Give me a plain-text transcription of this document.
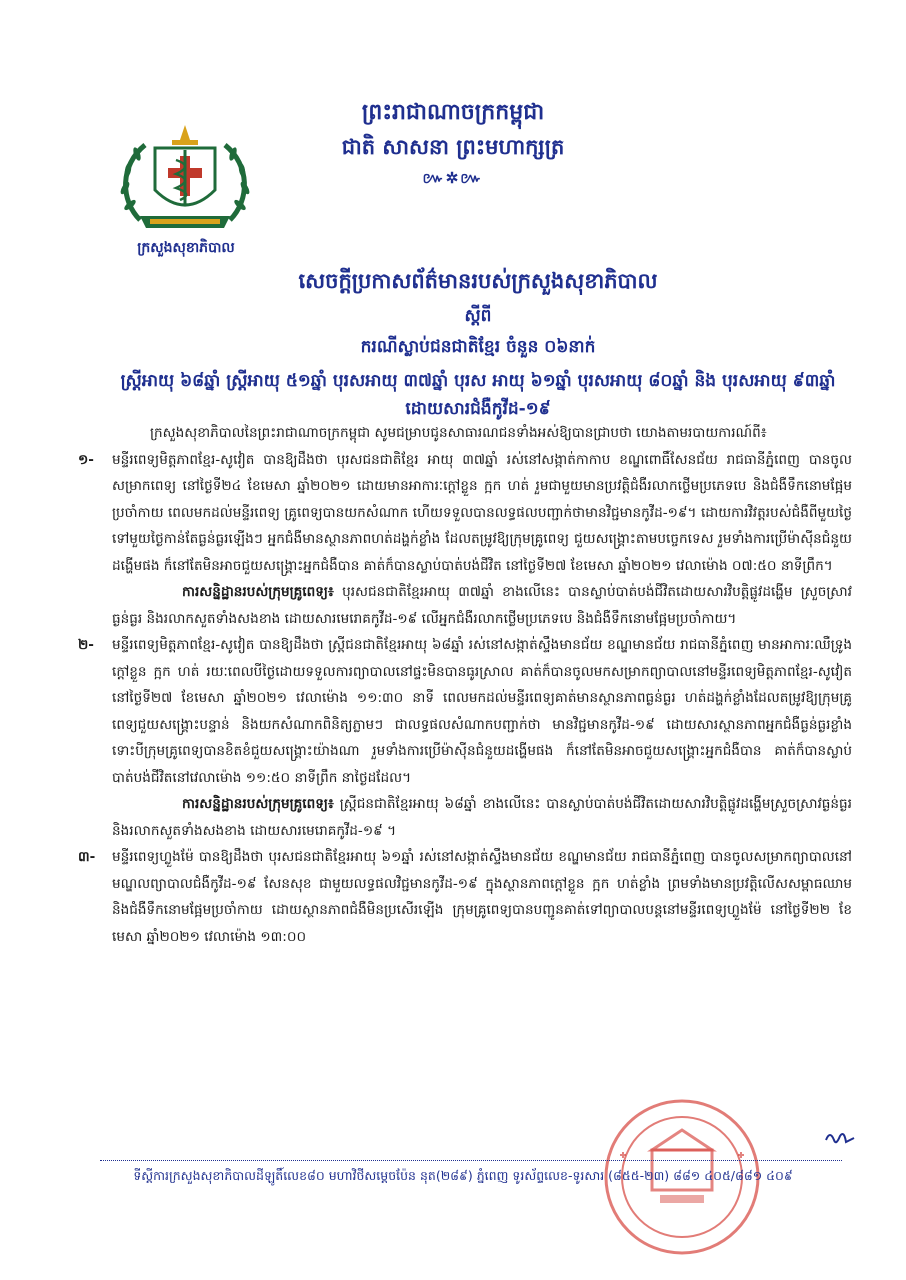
ក្រសួងសុខាភិបាល
ព្រះរាជាណាចក្រកម្ពុជា
ជាតិ សាសនា ព្រះមហាក្សត្រ
៚✲៚
សេចក្តីប្រកាសព័ត៌មានរបស់ក្រសួងសុខាភិបាល
ស្តីពី
ករណីស្លាប់ជនជាតិខ្មែរ ចំនួន ០៦នាក់
ស្ត្រីអាយុ ៦៨ឆ្នាំ ស្ត្រីអាយុ ៥១ឆ្នាំ បុរសអាយុ ៣៧ឆ្នាំ បុរស អាយុ ៦១ឆ្នាំ បុរសអាយុ ៨០ឆ្នាំ និង បុរសអាយុ ៩៣ឆ្នាំ ដោយសារជំងឺកូវីដ-១៩

ក្រសួងសុខាភិបាលនៃព្រះរាជាណាចក្រកម្ពុជា សូមជម្រាបជូនសាធារណជនទាំងអស់ឱ្យបានជ្រាបថា យោងតាមរបាយការណ៍ពី៖

១- មន្ទីរពេទ្យមិត្តភាពខ្មែរ-សូវៀត បានឱ្យដឹងថា បុរសជនជាតិខ្មែរ អាយុ ៣៧ឆ្នាំ រស់នៅសង្កាត់កាកាប ខណ្ឌពោធិ៍សែនជ័យ រាជធានីភ្នំពេញ បានចូលសម្រាកពេទ្យ នៅថ្ងៃទី២៤ ខែមេសា ឆ្នាំ២០២១ ដោយមានអាការៈក្តៅខ្លួន ក្អក ហត់ រួមជាមួយមានប្រវត្តិជំងឺរលាកថ្លើមប្រភេទបេ និងជំងឺទឹកនោមផ្អែមប្រចាំកាយ ពេលមកដល់មន្ទីរពេទ្យ គ្រូពេទ្យបានយកសំណាក ហើយទទួលបានលទ្ធផលបញ្ជាក់ថាមានវិជ្ជមានកូវីដ-១៩។ ដោយការវិវត្តរបស់ជំងឺពីមួយថ្ងៃទៅមួយថ្ងៃកាន់តែធ្ងន់ធ្ងរឡើងៗ អ្នកជំងឺមានស្ថានភាពហត់ដង្ហក់ខ្លាំង ដែលតម្រូវឱ្យក្រុមគ្រូពេទ្យ ជួយសង្គ្រោះតាមបច្ចេកទេស រួមទាំងការប្រើម៉ាស៊ីនជំនួយដង្ហើមផង ក៏នៅតែមិនអាចជួយសង្គ្រោះអ្នកជំងឺបាន គាត់ក៏បានស្លាប់បាត់បង់ជីវិត នៅថ្ងៃទី២៧ ខែមេសា ឆ្នាំ២០២១ វេលាម៉ោង ០៧:៥០ នាទីព្រឹក។

ការសន្និដ្ឋានរបស់ក្រុមគ្រូពេទ្យ៖ បុរសជនជាតិខ្មែរអាយុ ៣៧ឆ្នាំ ខាងលើនេះ បានស្លាប់បាត់បង់ជីវិតដោយសារវិបត្តិផ្លូវដង្ហើម ស្រួចស្រាវធ្ងន់ធ្ងរ និងរលាកសួតទាំងសងខាង ដោយសារមេរោគកូវីដ-១៩ លើអ្នកជំងឺរលាកថ្លើមប្រភេទបេ និងជំងឺទឹកនោមផ្អែមប្រចាំកាយ។

២- មន្ទីរពេទ្យមិត្តភាពខ្មែរ-សូវៀត បានឱ្យដឹងថា ស្ត្រីជនជាតិខ្មែរអាយុ ៦៨ឆ្នាំ រស់នៅសង្កាត់ស្ទឹងមានជ័យ ខណ្ឌមានជ័យ រាជធានីភ្នំពេញ មានអាការៈឈឺទ្រូង ក្តៅខ្លួន ក្អក ហត់ រយៈពេលបីថ្ងៃដោយទទួលការព្យាបាលនៅផ្ទះមិនបានធូរស្រាល គាត់ក៏បានចូលមកសម្រាកព្យាបាលនៅមន្ទីរពេទ្យមិត្តភាពខ្មែរ-សូវៀត នៅថ្ងៃទី២៧ ខែមេសា ឆ្នាំ២០២១ វេលាម៉ោង ១១:៣០ នាទី ពេលមកដល់មន្ទីរពេទ្យគាត់មានស្ថានភាពធ្ងន់ធ្ងរ ហត់ដង្ហក់ខ្លាំងដែលតម្រូវឱ្យក្រុមគ្រូពេទ្យជួយសង្គ្រោះបន្ទាន់ និងយកសំណាកពិនិត្យភ្លាមៗ ជាលទ្ធផលសំណាកបញ្ជាក់ថា មានវិជ្ជមានកូវីដ-១៩ ដោយសារស្ថានភាពអ្នកជំងឺធ្ងន់ធ្ងរខ្លាំងទោះបីក្រុមគ្រូពេទ្យបានខិតខំជួយសង្គ្រោះយ៉ាងណា រួមទាំងការប្រើម៉ាស៊ីនជំនួយដង្ហើមផង ក៏នៅតែមិនអាចជួយសង្គ្រោះអ្នកជំងឺបាន គាត់ក៏បានស្លាប់បាត់បង់ជីវិតនៅវេលាម៉ោង ១១:៥០ នាទីព្រឹក នាថ្ងៃដដែល។

ការសន្និដ្ឋានរបស់ក្រុមគ្រូពេទ្យ៖ ស្ត្រីជនជាតិខ្មែរអាយុ ៦៨ឆ្នាំ ខាងលើនេះ បានស្លាប់បាត់បង់ជីវិតដោយសារវិបត្តិផ្លូវដង្ហើមស្រួចស្រាវធ្ងន់ធ្ងរ និងរលាកសួតទាំងសងខាង ដោយសារមេរោគកូវីដ-១៩ ។

៣- មន្ទីរពេទ្យហ្លួងម៉ែ បានឱ្យដឹងថា បុរសជនជាតិខ្មែរអាយុ ៦១ឆ្នាំ រស់នៅសង្កាត់ស្ទឹងមានជ័យ ខណ្ឌមានជ័យ រាជធានីភ្នំពេញ បានចូលសម្រាកព្យាបាលនៅមណ្ឌលព្យាបាលជំងឺកូវីដ-១៩ សែនសុខ ជាមួយលទ្ធផលវិជ្ជមានកូវីដ-១៩ ក្នុងស្ថានភាពក្តៅខ្លួន ក្អក ហត់ខ្លាំង ព្រមទាំងមានប្រវត្តិលើសសម្ពាធឈាម និងជំងឺទឹកនោមផ្អែមប្រចាំកាយ ដោយស្ថានភាពជំងឺមិនប្រសើរឡើង ក្រុមគ្រូពេទ្យបានបញ្ជូនគាត់ទៅព្យាបាលបន្តនៅមន្ទីរពេទ្យហ្លួងម៉ែ នៅថ្ងៃទី២២ ខែមេសា ឆ្នាំ២០២១ វេលាម៉ោង ១៣:០០

ទីស្តីការក្រសួងសុខាភិបាលដីឡូតិ៍លេខ៨០ មហាវិថីសម្តេចប៉ែន នុត(២៨៩) ភ្នំពេញ ទូរស័ព្ទលេខ-ទូរសារ (៨៥៥-២៣) ៨៨១ ៤០៥/៨៨១ ៤០៩
